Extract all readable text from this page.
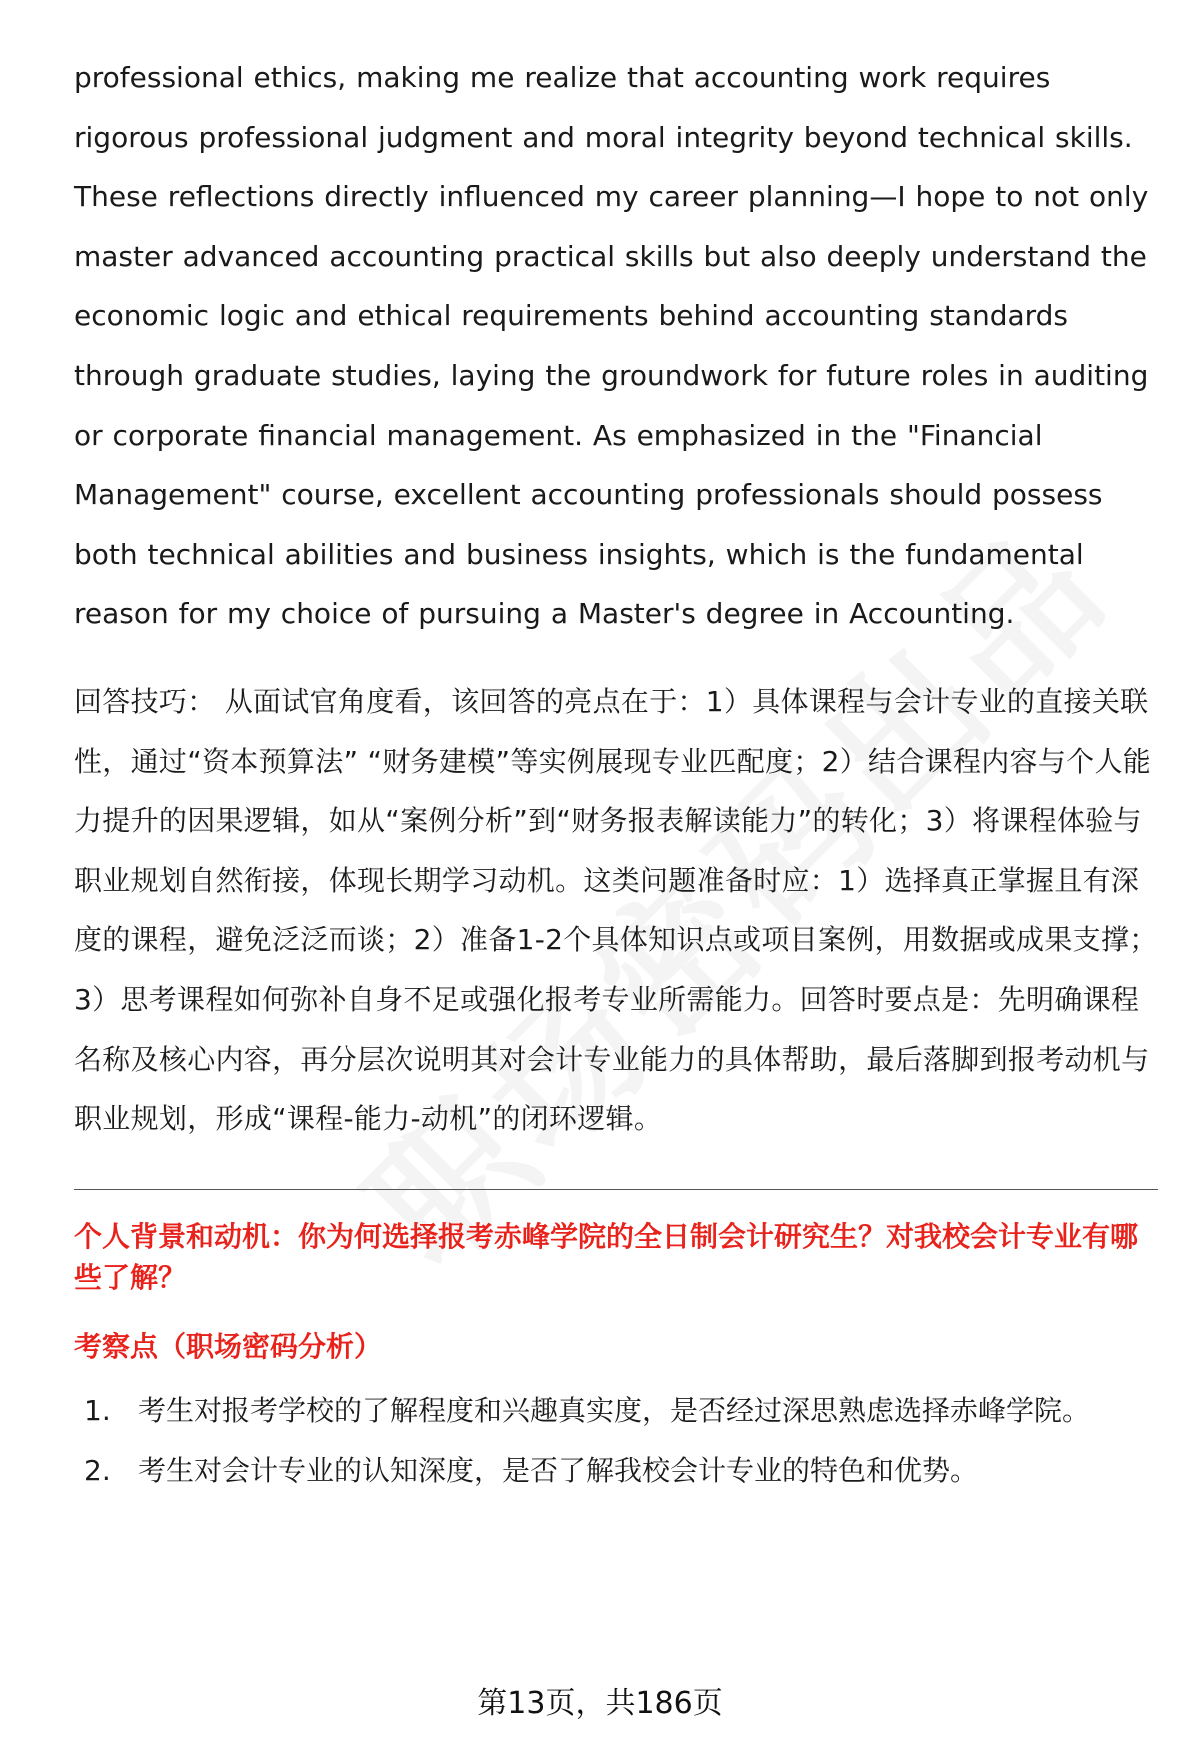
professional ethics, making me realize that accounting work requires rigorous professional judgment and moral integrity beyond technical skills. These reflections directly influenced my career planning—I hope to not only master advanced accounting practical skills but also deeply understand the economic logic and ethical requirements behind accounting standards through graduate studies, laying the groundwork for future roles in auditing or corporate financial management. As emphasized in the "Financial Management" course, excellent accounting professionals should possess both technical abilities and business insights, which is the fundamental reason for my choice of pursuing a Master's degree in Accounting.

回答技巧： 从面试官角度看，该回答的亮点在于：1）具体课程与会计专业的直接关联性，通过“资本预算法” “财务建模”等实例展现专业匹配度；2）结合课程内容与个人能力提升的因果逻辑，如从“案例分析”到“财务报表解读能力”的转化；3）将课程体验与职业规划自然衔接，体现长期学习动机。这类问题准备时应：1）选择真正掌握且有深度的课程，避免泛泛而谈；2）准备1-2个具体知识点或项目案例，用数据或成果支撑；3）思考课程如何弥补自身不足或强化报考专业所需能力。回答时要点是：先明确课程名称及核心内容，再分层次说明其对会计专业能力的具体帮助，最后落脚到报考动机与职业规划，形成“课程-能力-动机”的闭环逻辑。

个人背景和动机：你为何选择报考赤峰学院的全日制会计研究生？对我校会计专业有哪些了解？

考察点（职场密码分析）

1. 考生对报考学校的了解程度和兴趣真实度，是否经过深思熟虑选择赤峰学院。
2. 考生对会计专业的认知深度，是否了解我校会计专业的特色和优势。
第13页，共186页
